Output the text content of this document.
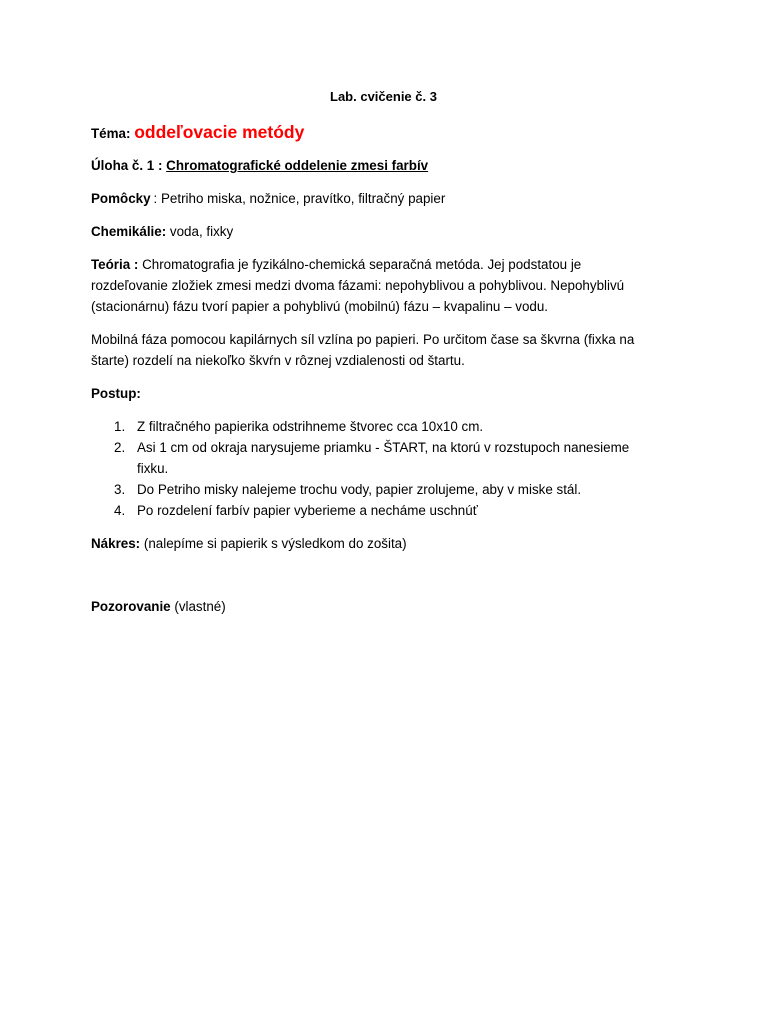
Lab. cvičenie č. 3

Téma: oddeľovacie metódy

Úloha č. 1 : Chromatografické oddelenie zmesi farbív

Pomôcky : Petriho miska, nožnice, pravítko, filtračný papier

Chemikálie: voda, fixky

Teória : Chromatografia je fyzikálno-chemická separačná metóda. Jej podstatou je
rozdeľovanie zložiek zmesi medzi dvoma fázami: nepohyblivou a pohyblivou. Nepohyblivú
(stacionárnu) fázu tvorí papier a pohyblivú (mobilnú) fázu – kvapalinu – vodu.
Mobilná fáza pomocou kapilárnych síl vzlína po papieri. Po určitom čase sa škvrna (fixka na
štarte) rozdelí na niekoľko škvŕn v rôznej vzdialenosti od štartu.

Postup:

1. Z filtračného papierika odstrihneme štvorec cca 10x10 cm.
2. Asi 1 cm od okraja narysujeme priamku - ŠTART, na ktorú v rozstupoch nanesieme
fixku.
3. Do Petriho misky nalejeme trochu vody, papier zrolujeme, aby v miske stál.
4. Po rozdelení farbív papier vyberieme a necháme uschnúť

Nákres: (nalepíme si papierik s výsledkom do zošita)

Pozorovanie (vlastné)
